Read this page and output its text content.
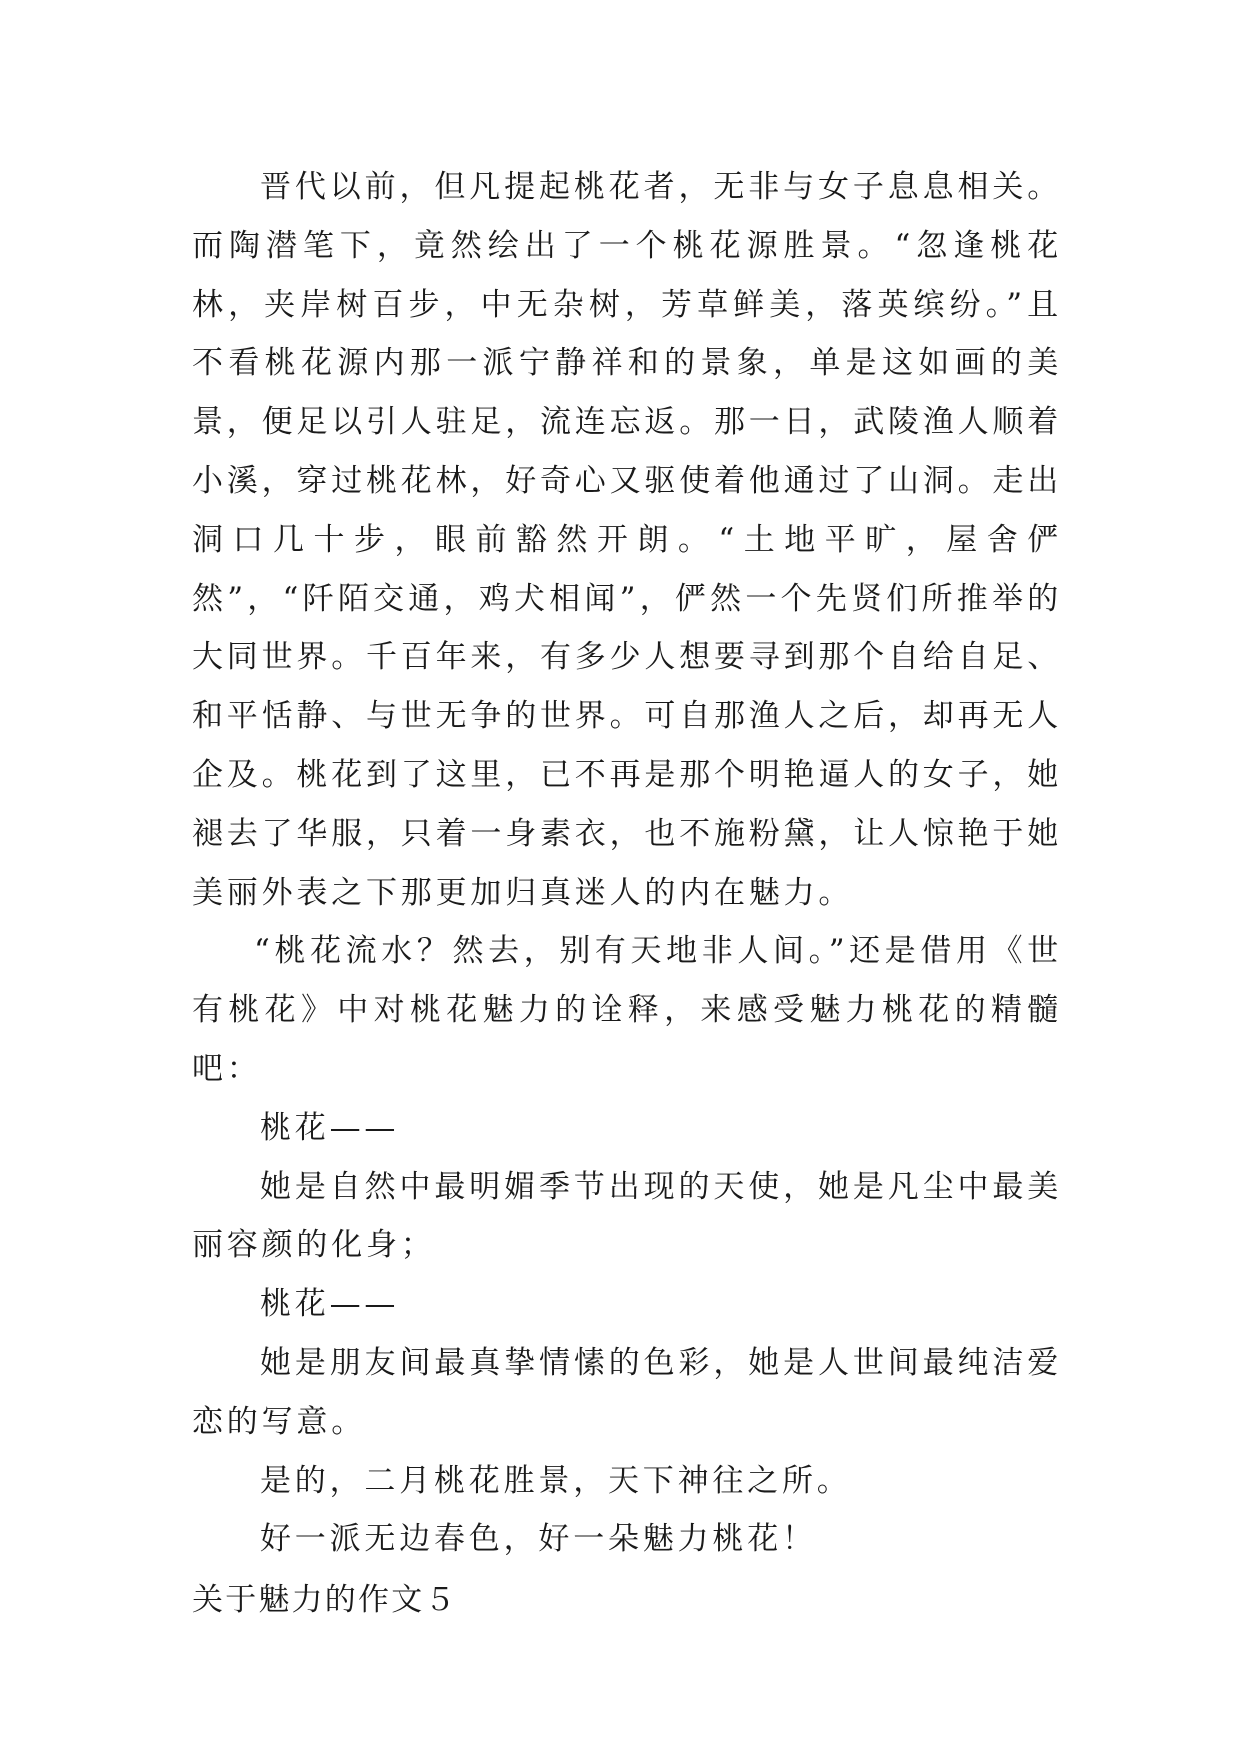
晋代以前，但凡提起桃花者，无非与女子息息相关。而陶潜笔下，竟然绘出了一个桃花源胜景。“忽逢桃花林，夹岸树百步，中无杂树，芳草鲜美，落英缤纷。”且不看桃花源内那一派宁静祥和的景象，单是这如画的美景，便足以引人驻足，流连忘返。那一日，武陵渔人顺着小溪，穿过桃花林，好奇心又驱使着他通过了山洞。走出洞口几十步，眼前豁然开朗。“土地平旷，屋舍俨然”，“阡陌交通，鸡犬相闻”，俨然一个先贤们所推举的大同世界。千百年来，有多少人想要寻到那个自给自足、和平恬静、与世无争的世界。可自那渔人之后，却再无人企及。桃花到了这里，已不再是那个明艳逼人的女子，她褪去了华服，只着一身素衣，也不施粉黛，让人惊艳于她美丽外表之下那更加归真迷人的内在魅力。

“桃花流水？然去，别有天地非人间。”还是借用《世有桃花》中对桃花魅力的诠释，来感受魅力桃花的精髓吧：

桃花——

她是自然中最明媚季节出现的天使，她是凡尘中最美丽容颜的化身；

桃花——

她是朋友间最真挚情愫的色彩，她是人世间最纯洁爱恋的写意。

是的，二月桃花胜景，天下神往之所。

好一派无边春色，好一朵魅力桃花！

关于魅力的作文５
